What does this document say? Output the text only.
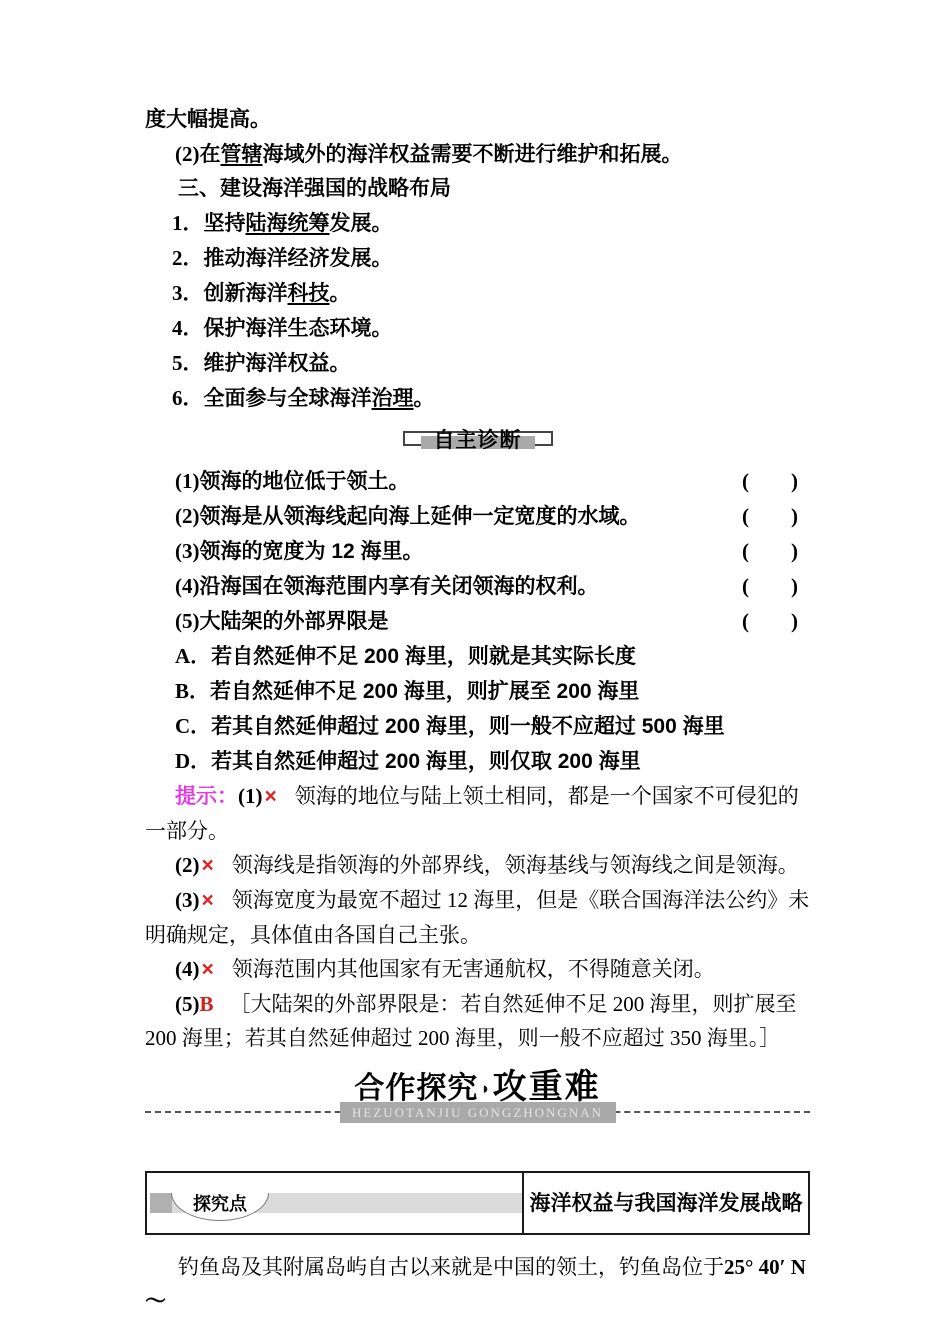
度大幅提高。

(2)在管辖海域外的海洋权益需要不断进行维护和拓展。

三、建设海洋强国的战略布局

1．坚持陆海统筹发展。

2．推动海洋经济发展。

3．创新海洋科技。

4．保护海洋生态环境。

5．维护海洋权益。

6．全面参与全球海洋治理。

自主诊断
(1)领海的地位低于领土。	(　　)
(2)领海是从领海线起向海上延伸一定宽度的水域。	(　　)
(3)领海的宽度为 12 海里。	(　　)
(4)沿海国在领海范围内享有关闭领海的权利。	(　　)
(5)大陆架的外部界限是	(　　)

A．若自然延伸不足 200 海里，则就是其实际长度

B．若自然延伸不足 200 海里，则扩展至 200 海里

C．若其自然延伸超过 200 海里，则一般不应超过 500 海里

D．若其自然延伸超过 200 海里，则仅取 200 海里

提示：(1)× 领海的地位与陆上领土相同，都是一个国家不可侵犯的一部分。

(2)× 领海线是指领海的外部界线，领海基线与领海线之间是领海。

(3)× 领海宽度为最宽不超过 12 海里，但是《联合国海洋法公约》未明确规定，具体值由各国自己主张。

(4)× 领海范围内其他国家有无害通航权，不得随意关闭。

(5)B ［大陆架的外部界限是：若自然延伸不足 200 海里，则扩展至 200 海里；若其自然延伸超过 200 海里，则一般不应超过 350 海里。］

合作探究 ◗攻重难
HEZUOTANJIU GONGZHONGNAN
探究点	海洋权益与我国海洋发展战略

钓鱼岛及其附属岛屿自古以来就是中国的领土，钓鱼岛位于25° 40′ N～
